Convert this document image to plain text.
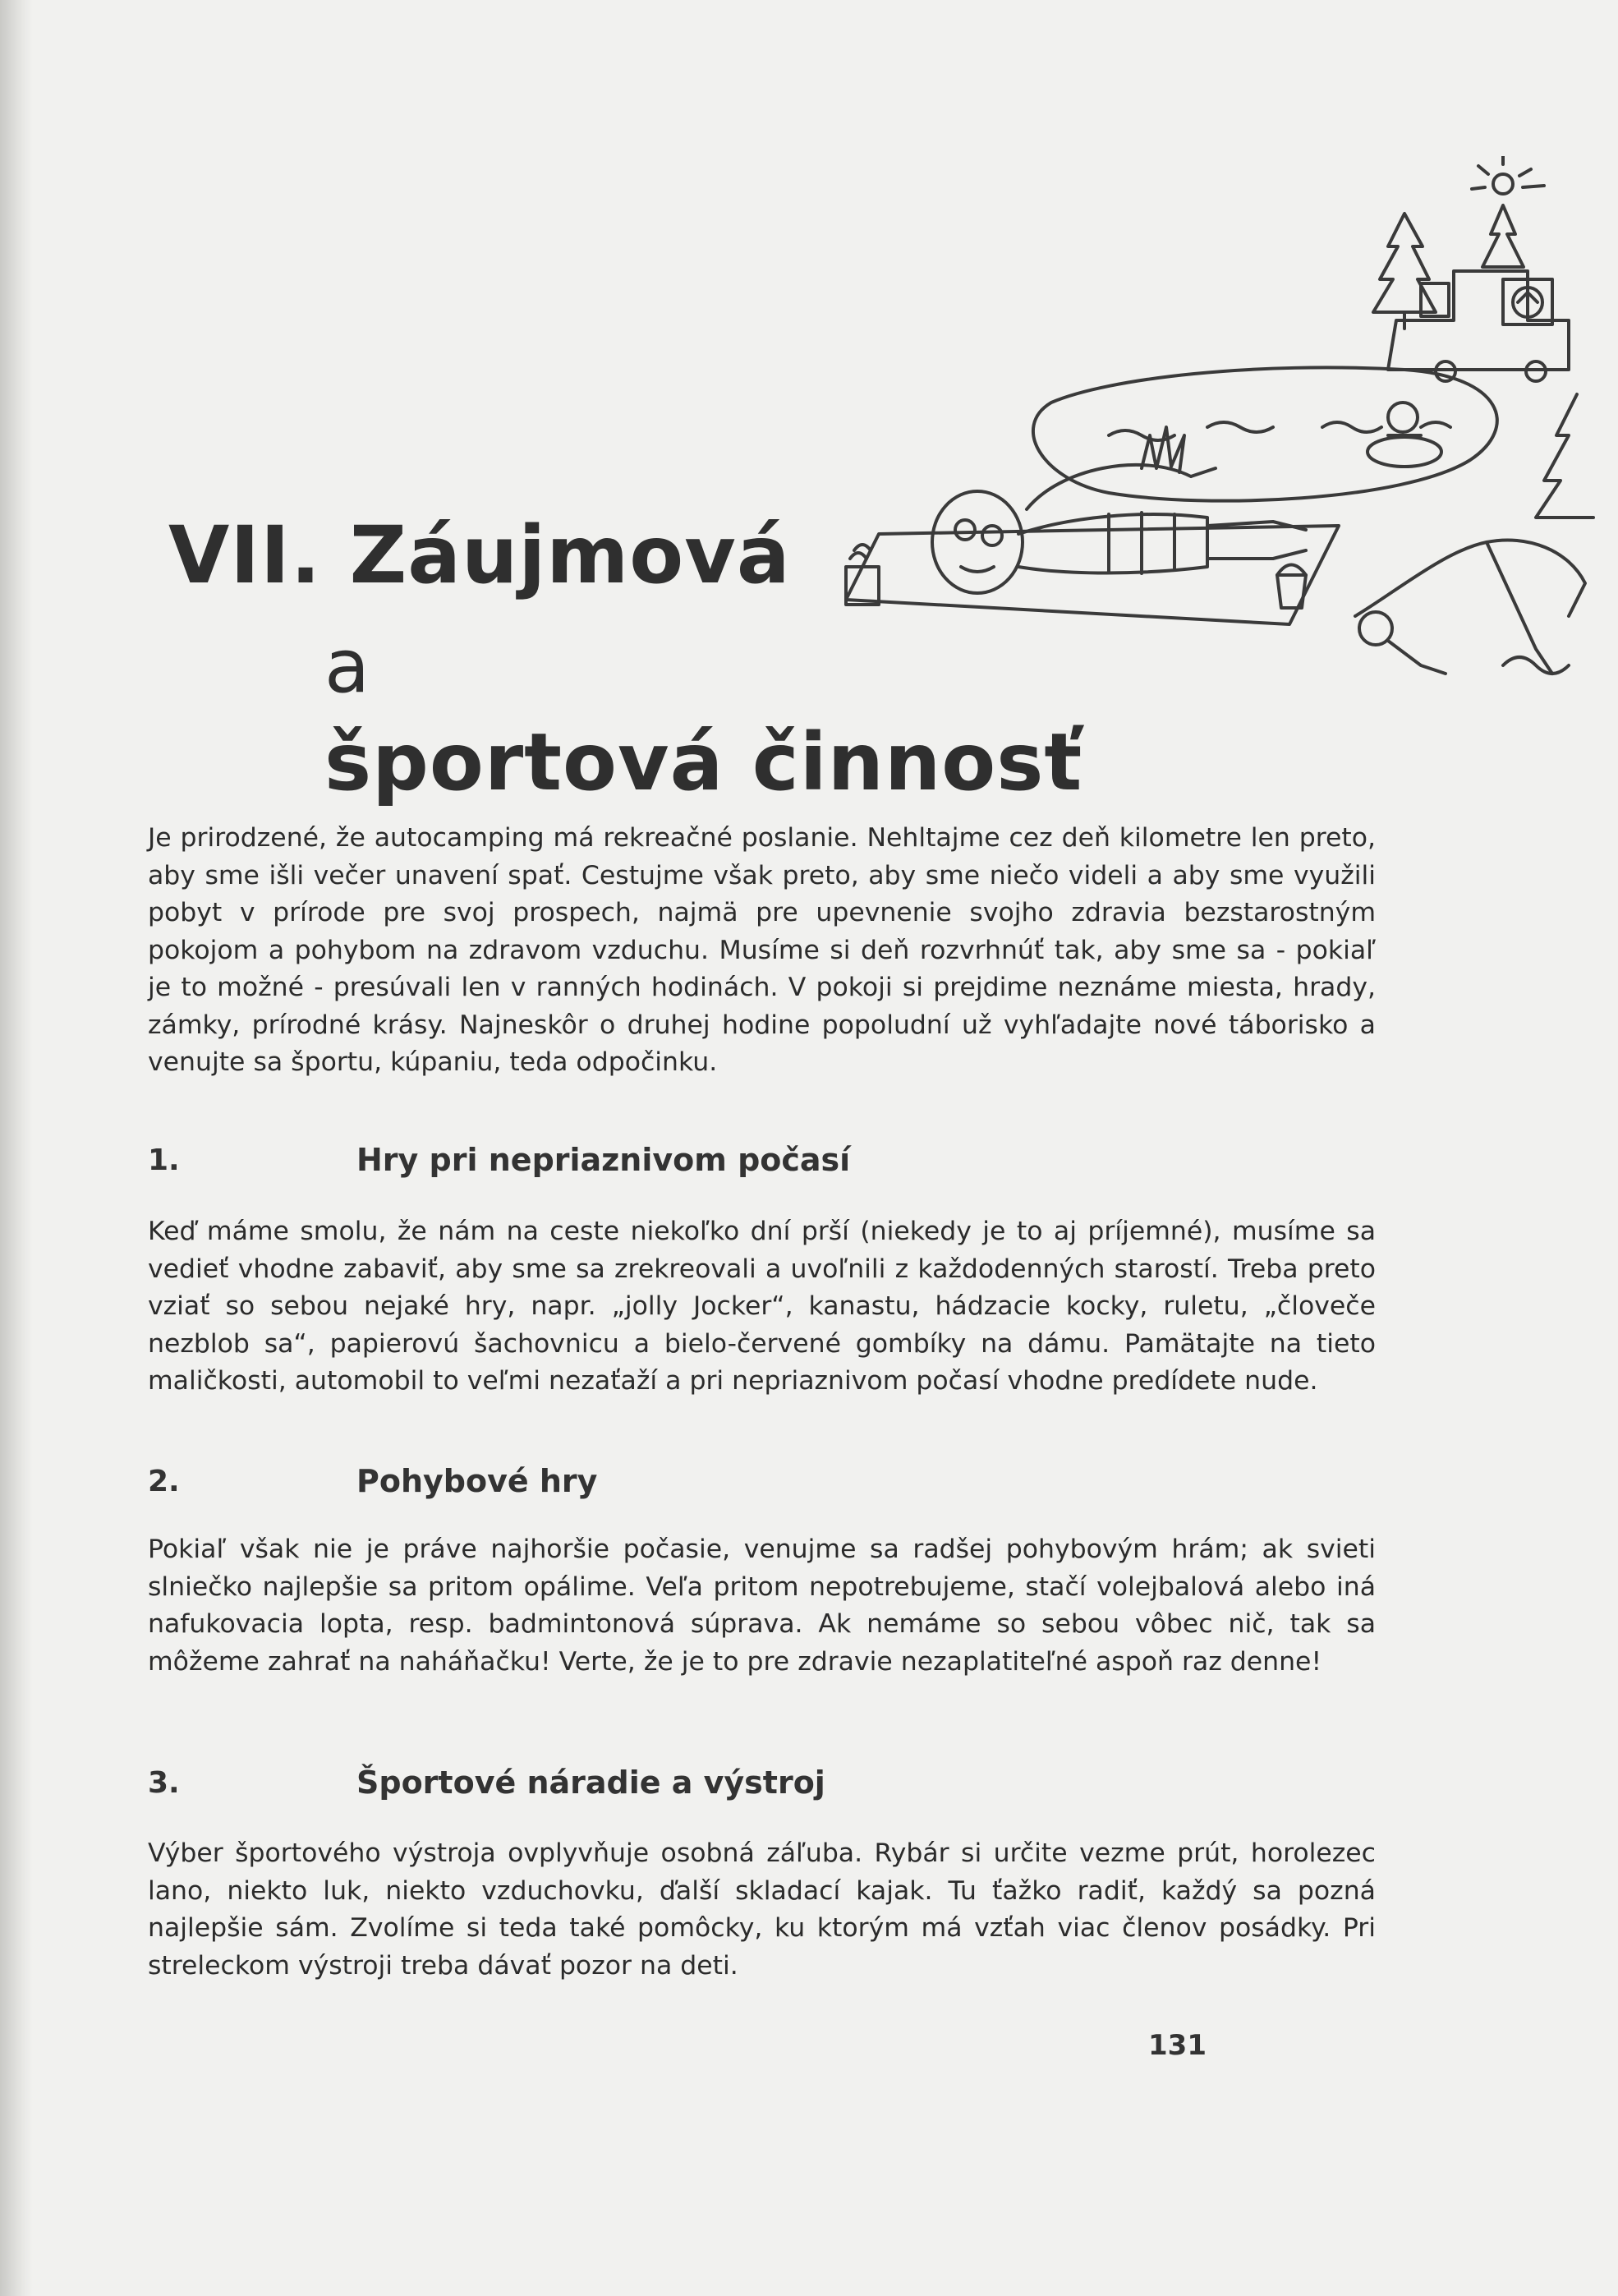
VII. Záujmová
a
športová činnosť

Je prirodzené, že autocamping má rekreačné poslanie. Nehltajme cez deň kilometre len preto, aby sme išli večer unavení spať. Cestujme však preto, aby sme niečo videli a aby sme využili pobyt v prírode pre svoj prospech, najmä pre upevnenie svojho zdravia bezstarostným pokojom a pohybom na zdravom vzduchu. Musíme si deň rozvrhnúť tak, aby sme sa - pokiaľ je to možné - presúvali len v ranných hodinách. V pokoji si prejdime neznáme miesta, hrady, zámky, prírodné krásy. Najneskôr o druhej hodine popoludní už vyhľadajte nové táborisko a venujte sa športu, kúpaniu, teda odpočinku.

1.	Hry pri nepriaznivom počasí

Keď máme smolu, že nám na ceste niekoľko dní prší (niekedy je to aj príjemné), musíme sa vedieť vhodne zabaviť, aby sme sa zrekreovali a uvoľnili z každodenných starostí. Treba preto vziať so sebou nejaké hry, napr. „jolly Jocker“, kanastu, hádzacie kocky, ruletu, „človeče nezblob sa“, papierovú šachovnicu a bielo-červené gombíky na dámu. Pamätajte na tieto maličkosti, automobil to veľmi nezaťaží a pri nepriaznivom počasí vhodne predídete nude.

2.	Pohybové hry

Pokiaľ však nie je práve najhoršie počasie, venujme sa radšej pohybovým hrám; ak svieti slniečko najlepšie sa pritom opálime. Veľa pritom nepotrebujeme, stačí volejbalová alebo iná nafukovacia lopta, resp. badmintonová súprava. Ak nemáme so sebou vôbec nič, tak sa môžeme zahrať na naháňačku! Verte, že je to pre zdravie nezaplatiteľné aspoň raz denne!

3.	Športové náradie a výstroj

Výber športového výstroja ovplyvňuje osobná záľuba. Rybár si určite vezme prút, horolezec lano, niekto luk, niekto vzduchovku, ďalší skladací kajak. Tu ťažko radiť, každý sa pozná najlepšie sám. Zvolíme si teda také pomôcky, ku ktorým má vzťah viac členov posádky. Pri streleckom výstroji treba dávať pozor na deti.

131
